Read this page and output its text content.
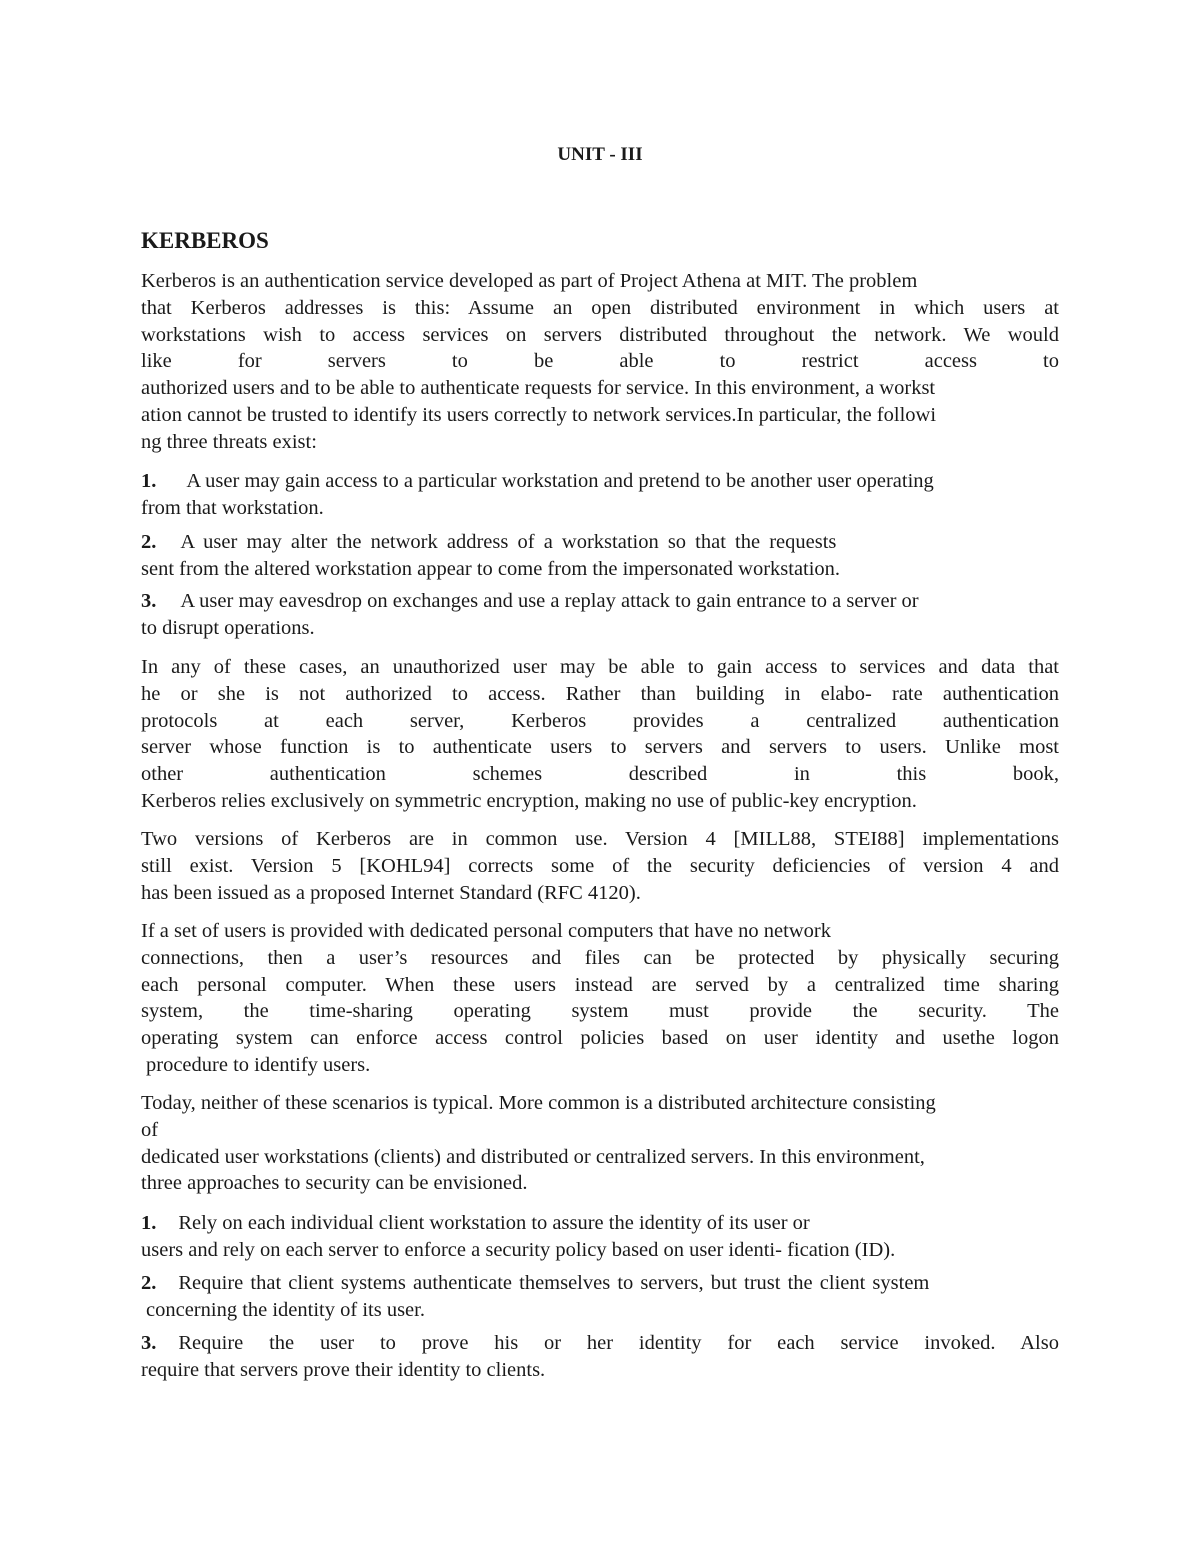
UNIT - III
KERBEROS
Kerberos is an authentication service developed as part of Project Athena at MIT. The problem
that Kerberos addresses is this: Assume an open distributed environment in which users at
workstations wish to access services on servers distributed throughout the network. We would
like for servers to be able to restrict access to
authorized users and to be able to authenticate requests for service. In this environment, a workst
ation cannot be trusted to identify its users correctly to network services.In particular, the followi
ng three threats exist:
1. A user may gain access to a particular workstation and pretend to be another user operating
from that workstation.
2. A user may alter the network address of a workstation so that the requests
sent from the altered workstation appear to come from the impersonated workstation.
3. A user may eavesdrop on exchanges and use a replay attack to gain entrance to a server or
to disrupt operations.
In any of these cases, an unauthorized user may be able to gain access to services and data that
he or she is not authorized to access. Rather than building in elabo- rate authentication
protocols at each server, Kerberos provides a centralized authentication
server whose function is to authenticate users to servers and servers to users. Unlike most
other authentication schemes described in this book,
Kerberos relies exclusively on symmetric encryption, making no use of public-key encryption.
Two versions of Kerberos are in common use. Version 4 [MILL88, STEI88] implementations
still exist. Version 5 [KOHL94] corrects some of the security deficiencies of version 4 and
has been issued as a proposed Internet Standard (RFC 4120).
If a set of users is provided with dedicated personal computers that have no network
connections, then a user’s resources and files can be protected by physically securing
each personal computer. When these users instead are served by a centralized time sharing
system, the time-sharing operating system must provide the security. The
operating system can enforce access control policies based on user identity and usethe logon
procedure to identify users.
Today, neither of these scenarios is typical. More common is a distributed architecture consisting
of
dedicated user workstations (clients) and distributed or centralized servers. In this environment,
three approaches to security can be envisioned.
1. Rely on each individual client workstation to assure the identity of its user or
users and rely on each server to enforce a security policy based on user identi- fication (ID).
2. Require that client systems authenticate themselves to servers, but trust the client system
concerning the identity of its user.
3. Require the user to prove his or her identity for each service invoked. Also
require that servers prove their identity to clients.
